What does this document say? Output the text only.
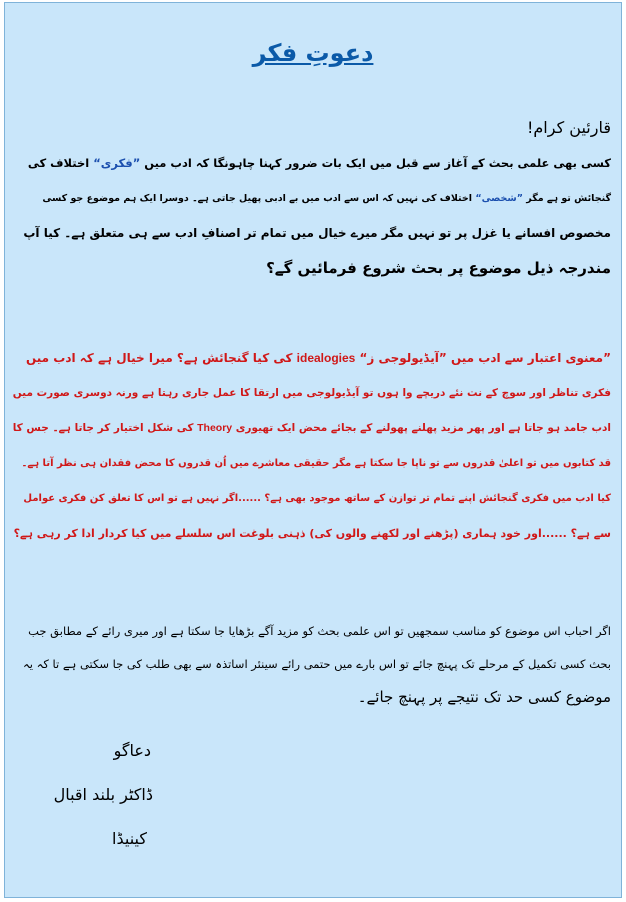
دعوتِ فکر
قارئین کرام!
کسی بھی علمی بحث کے آغاز سے قبل میں ایک بات ضرور کہنا چاہونگا کہ ادب میں ”فکری“ اختلاف کی
گنجائش تو ہے مگر ”شخصی“ اختلاف کی نہیں کہ اس سے ادب میں بے ادبی پھیل جاتی ہے۔ دوسرا ایک ہم موضوع جو کسی
مخصوص افسانے یا غزل پر تو نہیں مگر میرے خیال میں تمام تر اصنافِ ادب سے ہی متعلق ہے۔ کیا آپ
مندرجہ ذیل موضوع پر بحث شروع فرمائیں گے؟
”معنوی اعتبار سے ادب میں ”آیڈیولوجی ز“ idealogies کی کیا گنجائش ہے؟ میرا خیال ہے کہ ادب میں
فکری تناظر اور سوچ کے نت نئے دریچے وا ہوں تو آیڈیولوجی میں ارتقا کا عمل جاری رہتا ہے ورنہ دوسری صورت میں
ادب جامد ہو جاتا ہے اور پھر مزید پھلنے پھولنے کے بجائے محض ایک تھیوری Theory کی شکل اختیار کر جاتا ہے۔ جس کا
قد کتابوں میں تو اعلیٰ قدروں سے تو ناپا جا سکتا ہے مگر حقیقی معاشرے میں اُن قدروں کا محض فقدان ہی نظر آتا ہے۔
کیا ادب میں فکری گنجائش اپنے تمام تر توازن کے ساتھ موجود بھی ہے؟ ......اگر نہیں ہے تو اس کا تعلق کن فکری عوامل
سے ہے؟ ......اور خود ہماری (پڑھنے اور لکھنے والوں کی) ذہنی بلوغت اس سلسلے میں کیا کردار ادا کر رہی ہے؟
اگر احباب اس موضوع کو مناسب سمجھیں تو اس علمی بحث کو مزید آگے بڑھایا جا سکتا ہے اور میری رائے کے مطابق جب
بحث کسی تکمیل کے مرحلے تک پہنچ جائے تو اس بارے میں حتمی رائے سینئر اساتذہ سے بھی طلب کی جا سکتی ہے تا کہ یہ
موضوع کسی حد تک نتیجے پر پہنچ جائے۔
دعاگو
ڈاکٹر بلند اقبال
کینیڈا
